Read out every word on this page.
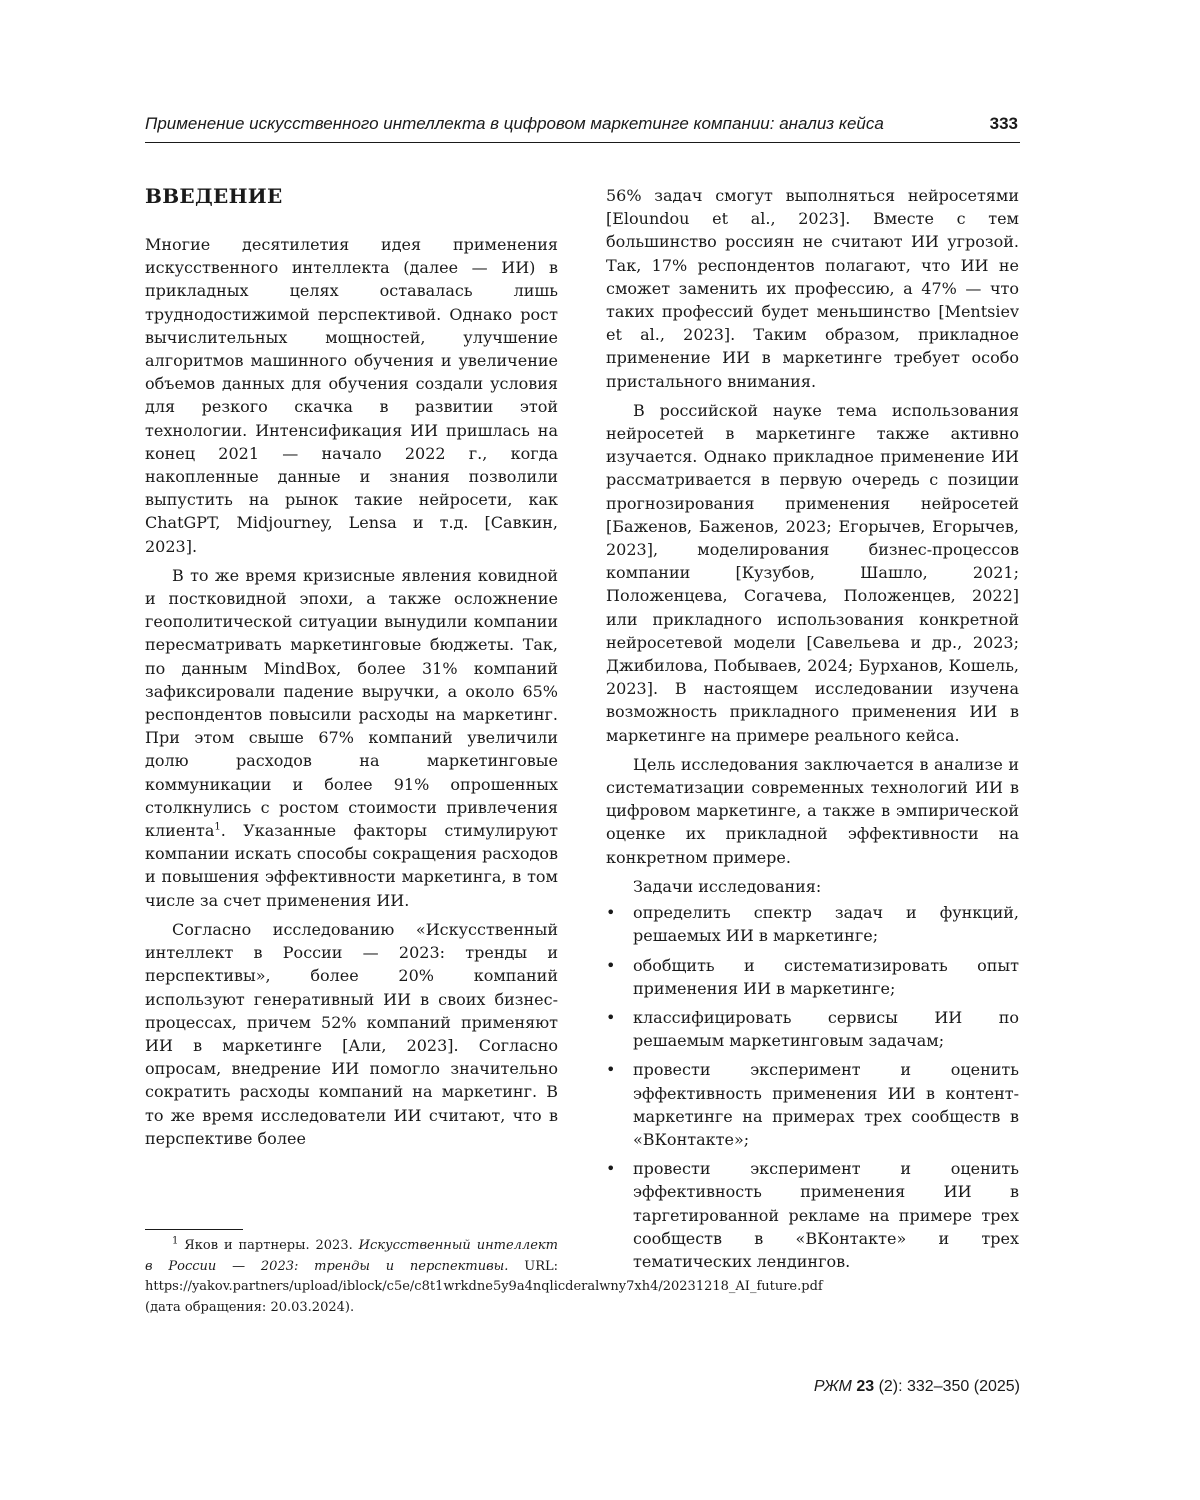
Применение искусственного интеллекта в цифровом маркетинге компании: анализ кейса	333
ВВЕДЕНИЕ

Многие десятилетия идея применения искусственного интеллекта (далее — ИИ) в прикладных целях оставалась лишь труднодостижимой перспективой. Однако рост вычислительных мощностей, улучшение алгоритмов машинного обучения и увеличение объемов данных для обучения создали условия для резкого скачка в развитии этой технологии. Интенсификация ИИ пришлась на конец 2021 — начало 2022 г., когда накопленные данные и знания позволили выпустить на рынок такие нейросети, как ChatGPT, Midjourney, Lensa и т.д. [Савкин, 2023].

В то же время кризисные явления ковидной и постковидной эпохи, а также осложнение геополитической ситуации вынудили компании пересматривать маркетинговые бюджеты. Так, по данным MindBox, более 31% компаний зафиксировали падение выручки, а около 65% респондентов повысили расходы на маркетинг. При этом свыше 67% компаний увеличили долю расходов на маркетинговые коммуникации и более 91% опрошенных столкнулись с ростом стоимости привлечения клиента$^1$. Указанные факторы стимулируют компании искать способы сокращения расходов и повышения эффективности маркетинга, в том числе за счет применения ИИ.

Согласно исследованию «Искусственный интеллект в России — 2023: тренды и перспективы», более 20% компаний используют генеративный ИИ в своих бизнес-процессах, причем 52% компаний применяют ИИ в маркетинге [Али, 2023]. Согласно опросам, внедрение ИИ помогло значительно сократить расходы компаний на маркетинг. В то же время исследователи ИИ считают, что в перспективе более

$^1$ Яков и партнеры. 2023. Искусственный интеллект в России — 2023: тренды и перспективы. URL: https://yakov.partners/upload/iblock/c5e/c8t1wrkdne5y9a4nqlicderalwny7xh4/20231218_AI_future.pdf (дата обращения: 20.03.2024).

56% задач смогут выполняться нейросетями [Eloundou et al., 2023]. Вместе с тем большинство россиян не считают ИИ угрозой. Так, 17% респондентов полагают, что ИИ не сможет заменить их профессию, а 47% — что таких профессий будет меньшинство [Mentsiev et al., 2023]. Таким образом, прикладное применение ИИ в маркетинге требует особо пристального внимания.

В российской науке тема использования нейросетей в маркетинге также активно изучается. Однако прикладное применение ИИ рассматривается в первую очередь с позиции прогнозирования применения нейросетей [Баженов, Баженов, 2023; Егорычев, Егорычев, 2023], моделирования бизнес-процессов компании [Кузубов, Шашло, 2021; Положенцева, Согачева, Положенцев, 2022] или прикладного использования конкретной нейросетевой модели [Савельева и др., 2023; Джибилова, Побываев, 2024; Бурханов, Кошель, 2023]. В настоящем исследовании изучена возможность прикладного применения ИИ в маркетинге на примере реального кейса.

Цель исследования заключается в анализе и систематизации современных технологий ИИ в цифровом маркетинге, а также в эмпирической оценке их прикладной эффективности на конкретном примере.

Задачи исследования:

• определить спектр задач и функций, решаемых ИИ в маркетинге;
• обобщить и систематизировать опыт применения ИИ в маркетинге;
• классифицировать сервисы ИИ по решаемым маркетинговым задачам;
• провести эксперимент и оценить эффективность применения ИИ в контент-маркетинге на примерах трех сообществ в «ВКонтакте»;
• провести эксперимент и оценить эффективность применения ИИ в таргетированной рекламе на примере трех сообществ в «ВКонтакте» и трех тематических лендингов.
РЖМ 23 (2): 332–350 (2025)
